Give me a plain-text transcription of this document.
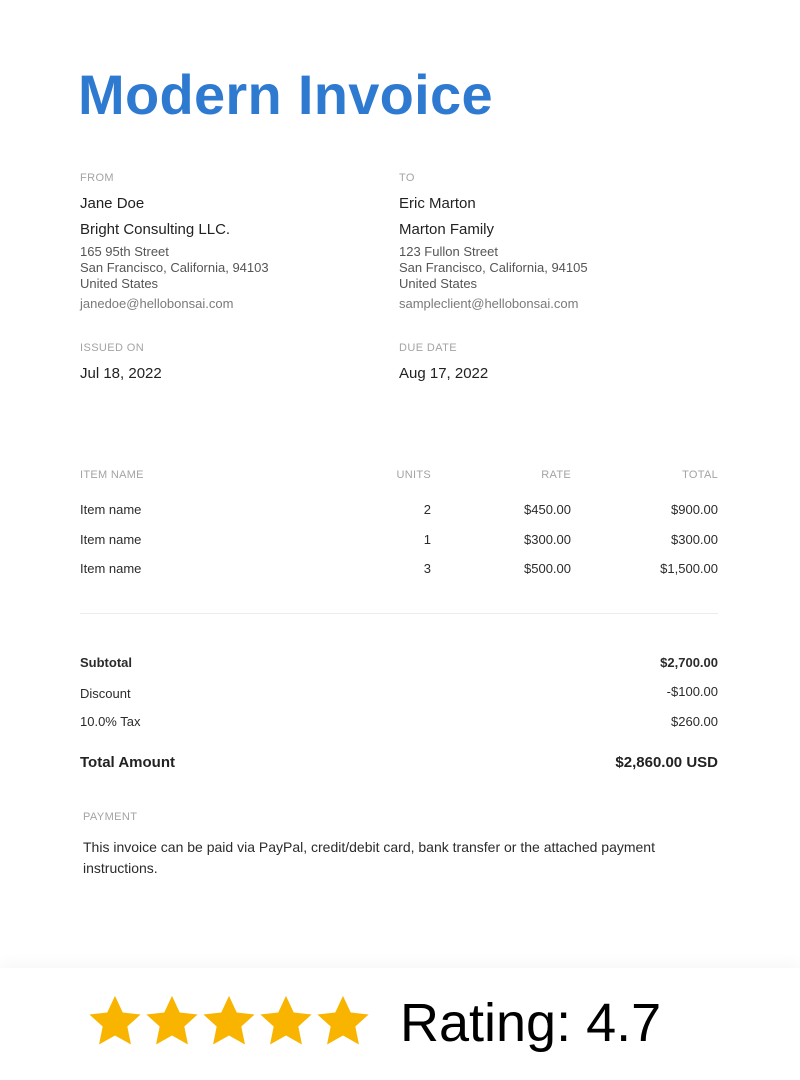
Modern Invoice
FROM
Jane Doe
Bright Consulting LLC.
165 95th Street
San Francisco, California, 94103
United States
janedoe@hellobonsai.com
TO
Eric Marton
Marton Family
123 Fullon Street
San Francisco, California, 94105
United States
sampleclient@hellobonsai.com
ISSUED ON
Jul 18, 2022
DUE DATE
Aug 17, 2022
ITEM NAME	UNITS	RATE	TOTAL
Item name	2	$450.00	$900.00
Item name	1	$300.00	$300.00
Item name	3	$500.00	$1,500.00
Subtotal	$2,700.00
Discount	-$100.00
10.0% Tax	$260.00
Total Amount	$2,860.00 USD
PAYMENT
This invoice can be paid via PayPal, credit/debit card, bank transfer or the attached payment instructions.
Rating: 4.7
